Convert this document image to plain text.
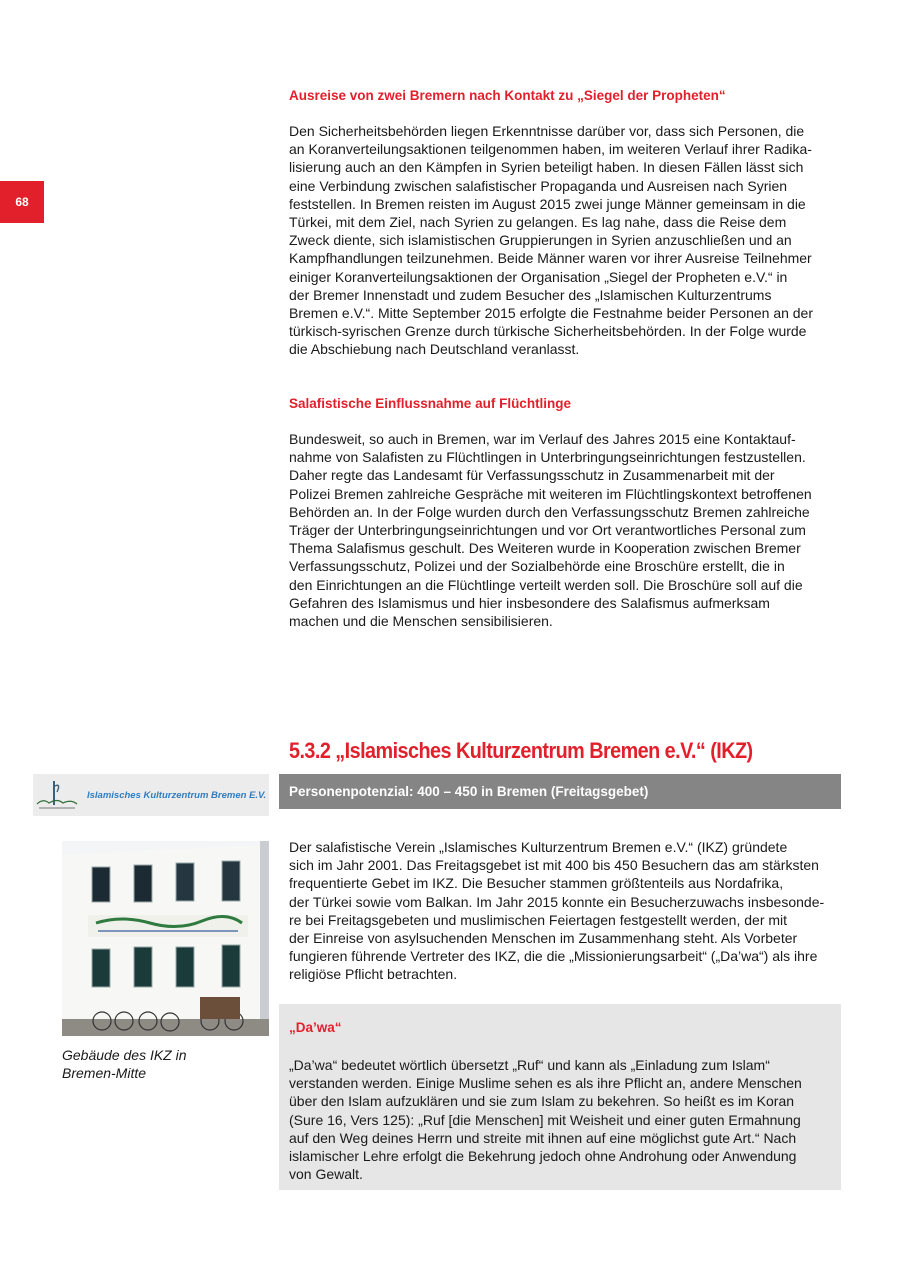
68
Ausreise von zwei Bremern nach Kontakt zu „Siegel der Propheten“
Den Sicherheitsbehörden liegen Erkenntnisse darüber vor, dass sich Personen, die
an Koranverteilungsaktionen teilgenommen haben, im weiteren Verlauf ihrer Radika-
lisierung auch an den Kämpfen in Syrien beteiligt haben. In diesen Fällen lässt sich
eine Verbindung zwischen salafistischer Propaganda und Ausreisen nach Syrien
feststellen. In Bremen reisten im August 2015 zwei junge Männer gemeinsam in die
Türkei, mit dem Ziel, nach Syrien zu gelangen. Es lag nahe, dass die Reise dem
Zweck diente, sich islamistischen Gruppierungen in Syrien anzuschließen und an
Kampfhandlungen teilzunehmen. Beide Männer waren vor ihrer Ausreise Teilnehmer
einiger Koranverteilungsaktionen der Organisation „Siegel der Propheten e.V.“ in
der Bremer Innenstadt und zudem Besucher des „Islamischen Kulturzentrums
Bremen e.V.“. Mitte September 2015 erfolgte die Festnahme beider Personen an der
türkisch-syrischen Grenze durch türkische Sicherheitsbehörden. In der Folge wurde
die Abschiebung nach Deutschland veranlasst.
Salafistische Einflussnahme auf Flüchtlinge
Bundesweit, so auch in Bremen, war im Verlauf des Jahres 2015 eine Kontaktauf-
nahme von Salafisten zu Flüchtlingen in Unterbringungseinrichtungen festzustellen.
Daher regte das Landesamt für Verfassungsschutz in Zusammenarbeit mit der
Polizei Bremen zahlreiche Gespräche mit weiteren im Flüchtlingskontext betroffenen
Behörden an. In der Folge wurden durch den Verfassungsschutz Bremen zahlreiche
Träger der Unterbringungseinrichtungen und vor Ort verantwortliches Personal zum
Thema Salafismus geschult. Des Weiteren wurde in Kooperation zwischen Bremer
Verfassungsschutz, Polizei und der Sozialbehörde eine Broschüre erstellt, die in
den Einrichtungen an die Flüchtlinge verteilt werden soll. Die Broschüre soll auf die
Gefahren des Islamismus und hier insbesondere des Salafismus aufmerksam
machen und die Menschen sensibilisieren.
5.3.2 „Islamisches Kulturzentrum Bremen e.V.“ (IKZ)
Islamisches Kulturzentrum Bremen E.V.	Personenpotenzial: 400 – 450 in Bremen (Freitagsgebet)

Gebäude des IKZ in
Bremen-Mitte

Der salafistische Verein „Islamisches Kulturzentrum Bremen e.V.“ (IKZ) gründete
sich im Jahr 2001. Das Freitagsgebet ist mit 400 bis 450 Besuchern das am stärksten
frequentierte Gebet im IKZ. Die Besucher stammen größtenteils aus Nordafrika,
der Türkei sowie vom Balkan. Im Jahr 2015 konnte ein Besucherzuwachs insbesonde-
re bei Freitagsgebeten und muslimischen Feiertagen festgestellt werden, der mit
der Einreise von asylsuchenden Menschen im Zusammenhang steht. Als Vorbeter
fungieren führende Vertreter des IKZ, die die „Missionierungsarbeit“ („Da’wa“) als ihre
religiöse Pflicht betrachten.
„Da’wa“
„Da’wa“ bedeutet wörtlich übersetzt „Ruf“ und kann als „Einladung zum Islam“
verstanden werden. Einige Muslime sehen es als ihre Pflicht an, andere Menschen
über den Islam aufzuklären und sie zum Islam zu bekehren. So heißt es im Koran
(Sure 16, Vers 125): „Ruf [die Menschen] mit Weisheit und einer guten Ermahnung
auf den Weg deines Herrn und streite mit ihnen auf eine möglichst gute Art.“ Nach
islamischer Lehre erfolgt die Bekehrung jedoch ohne Androhung oder Anwendung
von Gewalt.
